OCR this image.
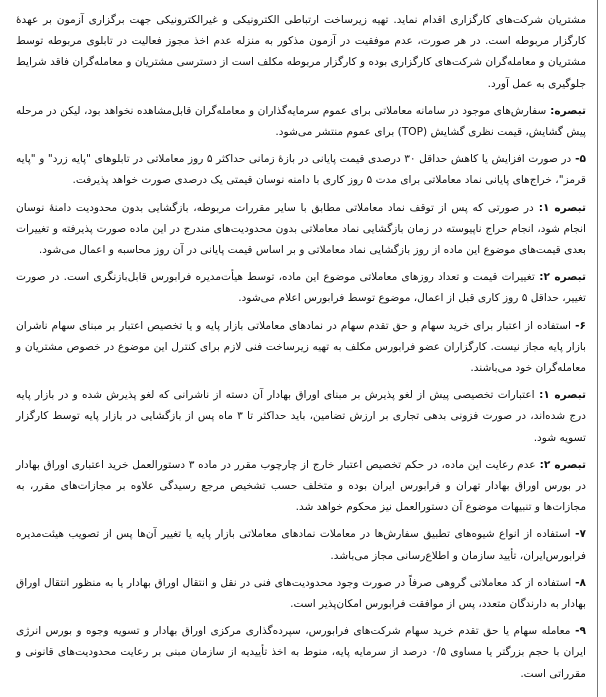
مشتریان شرکت‌های کارگزاری اقدام نماید. تهیه زیرساخت ارتباطی الکترونیکی و غیرالکترونیکی جهت برگزاری آزمون بر عهدهٔ کارگزار مربوطه است. در هر صورت، عدم موفقیت در آزمون مذکور به منزله عدم اخذ مجوز فعالیت در تابلوی مربوطه توسط مشتریان و معامله‌گران شرکت‌های کارگزاری بوده و کارگزار مربوطه مکلف است از دسترسی مشتریان و معامله‌گران فاقد شرایط جلوگیری به عمل آورد.

تبصره: سفارش‌های موجود در سامانه معاملاتی برای عموم سرمایه‌گذاران و معامله‌گران قابل‌مشاهده نخواهد بود، لیکن در مرحله پیش گشایش، قیمت نظری گشایش (TOP) برای عموم منتشر می‌شود.

۵- در صورت افزایش یا کاهش حداقل ۳۰ درصدی قیمت پایانی در بازهٔ زمانی حداکثر ۵ روز معاملاتی در تابلوهای "پایه زرد" و "پایه قرمز"، خراج‌های پایانی نماد معاملاتی برای مدت ۵ روز کاری با دامنه نوسان قیمتی یک درصدی صورت خواهد پذیرفت.

تبصره ۱: در صورتی که پس از توقف نماد معاملاتی مطابق با سایر مقررات مربوطه، بازگشایی بدون محدودیت دامنهٔ نوسان انجام شود، انجام حراج ناپیوسته در زمان بازگشایی نماد معاملاتی بدون محدودیت‌های مندرج در این ماده صورت پذیرفته و تغییرات بعدی قیمت‌های موضوع این ماده از روز بازگشایی نماد معاملاتی و بر اساس قیمت پایانی در آن روز محاسبه و اعمال می‌شود.

تبصره ۲: تغییرات قیمت و تعداد روزهای معاملاتی موضوع این ماده، توسط هیأت‌مدیره فرابورس قابل‌بازنگری است. در صورت تغییر، حداقل ۵ روز کاری قبل از اعمال، موضوع توسط فرابورس اعلام می‌شود.

۶- استفاده از اعتبار برای خرید سهام و حق تقدم سهام در نمادهای معاملاتی بازار پایه و یا تخصیص اعتبار بر مبنای سهام ناشران بازار پایه مجاز نیست. کارگزاران عضو فرابورس مکلف به تهیه زیرساخت فنی لازم برای کنترل این موضوع در خصوص مشتریان و معامله‌گران خود می‌باشند.

تبصره ۱: اعتبارات تخصیصی پیش از لغو پذیرش بر مبنای اوراق بهادار آن دسته از ناشرانی که لغو پذیرش شده و در بازار پایه درج شده‌اند، در صورت فزونی بدهی تجاری بر ارزش تضامین، باید حداکثر تا ۳ ماه پس از بازگشایی در بازار پایه توسط کارگزار تسویه شود.

تبصره ۲: عدم رعایت این ماده، در حکم تخصیص اعتبار خارج از چارچوب مقرر در ماده ۳ دستورالعمل خرید اعتباری اوراق بهادار در بورس اوراق بهادار تهران و فرابورس ایران بوده و متخلف حسب تشخیص مرجع رسیدگی علاوه بر مجازات‌های مقرر، به مجازات‌ها و تنبیهات موضوع آن دستورالعمل نیز محکوم خواهد شد.

۷- استفاده از انواع شیوه‌های تطبیق سفارش‌ها در معاملات نمادهای معاملاتی بازار پایه یا تغییر آن‌ها پس از تصویب هیئت‌مدیره فرابورس‌ایران، تأیید سازمان و اطلاع‌رسانی مجاز می‌باشد.

۸- استفاده از کد معاملاتی گروهی صرفاً در صورت وجود محدودیت‌های فنی در نقل و انتقال اوراق بهادار یا به منظور انتقال اوراق بهادار به دارندگان متعدد، پس از موافقت فرابورس امکان‌پذیر است.

۹- معامله سهام یا حق تقدم خرید سهام شرکت‌های فرابورس، سپرده‌گذاری مرکزی اوراق بهادار و تسویه وجوه و بورس انرژی ایران با حجم بزرگتر یا مساوی ۰/۵ درصد از سرمایه پایه، منوط به اخذ تأییدیه از سازمان مبنی بر رعایت محدودیت‌های قانونی و مقرراتی است.
